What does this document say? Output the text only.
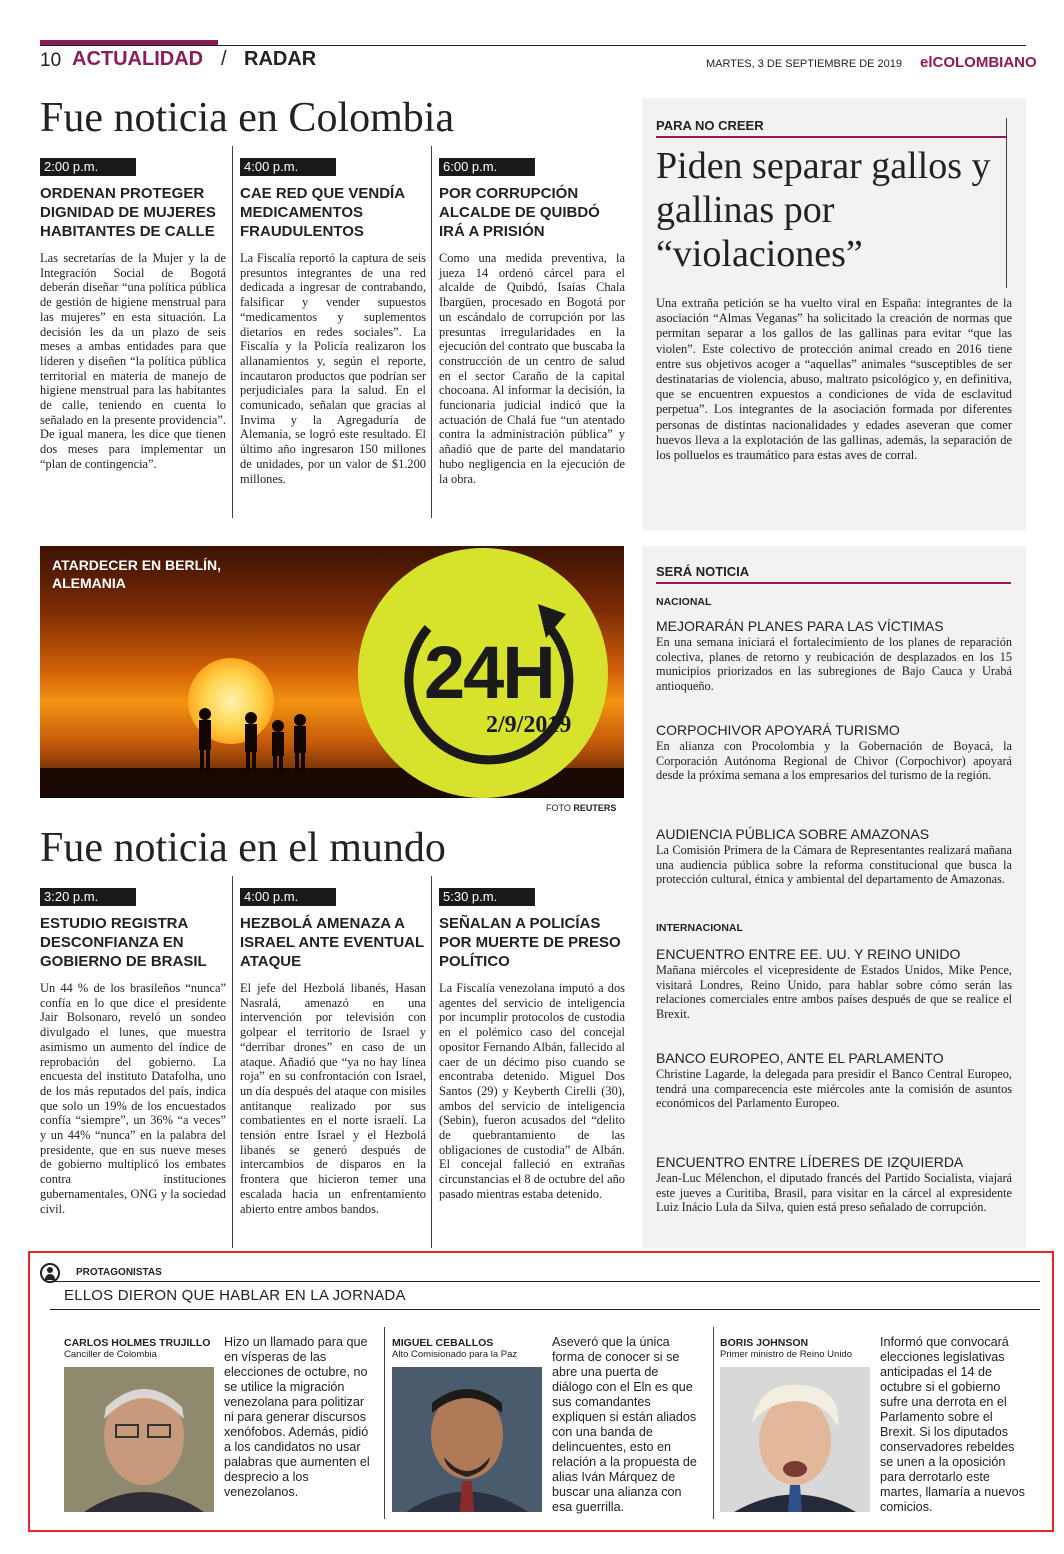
10 ACTUALIDAD / RADAR	MARTES, 3 DE SEPTIEMBRE DE 2019 elCOLOMBIANO
Fue noticia en Colombia
2:00 p.m.
ORDENAN PROTEGER DIGNIDAD DE MUJERES HABITANTES DE CALLE
Las secretarías de la Mujer y la de Integración Social de Bogotá deberán diseñar “una política pública de gestión de higiene menstrual para las mujeres” en esta situación. La decisión les da un plazo de seis meses a ambas entidades para que lideren y diseñen “la política pública territorial en materia de manejo de higiene menstrual para las habitantes de calle, teniendo en cuenta lo señalado en la presente providencia”. De igual manera, les dice que tienen dos meses para implementar un “plan de contingencia”.
4:00 p.m.
CAE RED QUE VENDÍA MEDICAMENTOS FRAUDULENTOS
La Fiscalía reportó la captura de seis presuntos integrantes de una red dedicada a ingresar de contrabando, falsificar y vender supuestos “medicamentos y suplementos dietarios en redes sociales”. La Fiscalía y la Policía realizaron los allanamientos y, según el reporte, incautaron productos que podrían ser perjudiciales para la salud. En el comunicado, señalan que gracias al Invima y la Agregaduría de Alemania, se logró este resultado. El último año ingresaron 150 millones de unidades, por un valor de $1.200 millones.
6:00 p.m.
POR CORRUPCIÓN ALCALDE DE QUIBDÓ IRÁ A PRISIÓN
Como una medida preventiva, la jueza 14 ordenó cárcel para el alcalde de Quibdó, Isaías Chala Ibargüen, procesado en Bogotá por un escándalo de corrupción por las presuntas irregularidades en la ejecución del contrato que buscaba la construcción de un centro de salud en el sector Caraño de la capital chocoana. Al informar la decisión, la funcionaria judicial indicó que la actuación de Chalá fue “un atentado contra la administración pública” y añadió que de parte del mandatario hubo negligencia en la ejecución de la obra.
PARA NO CREER
Piden separar gallos y gallinas por “violaciones”
Una extraña petición se ha vuelto viral en España: integrantes de la asociación “Almas Veganas” ha solicitado la creación de normas que permitan separar a los gallos de las gallinas para evitar “que las violen”. Este colectivo de protección animal creado en 2016 tiene entre sus objetivos acoger a “aquellas” animales “susceptibles de ser destinatarias de violencia, abuso, maltrato psicológico y, en definitiva, que se encuentren expuestos a condiciones de vida de esclavitud perpetua”. Los integrantes de la asociación formada por diferentes personas de distintas nacionalidades y edades aseveran que comer huevos lleva a la explotación de las gallinas, además, la separación de los polluelos es traumático para estas aves de corral.
ATARDECER EN BERLÍN, ALEMANIA
24H
2/9/2019
FOTO REUTERS
SERÁ NOTICIA
NACIONAL
MEJORARÁN PLANES PARA LAS VÍCTIMAS
En una semana iniciará el fortalecimiento de los planes de reparación colectiva, planes de retorno y reubicación de desplazados en los 15 municipios priorizados en las subregiones de Bajo Cauca y Urabá antioqueño.
CORPOCHIVOR APOYARÁ TURISMO
En alianza con Procolombia y la Gobernación de Boyacá, la Corporación Autónoma Regional de Chivor (Corpochivor) apoyará desde la próxima semana a los empresarios del turismo de la región.
AUDIENCIA PÚBLICA SOBRE AMAZONAS
La Comisión Primera de la Cámara de Representantes realizará mañana una audiencia pública sobre la reforma constitucional que busca la protección cultural, étnica y ambiental del departamento de Amazonas.
INTERNACIONAL
ENCUENTRO ENTRE EE. UU. Y REINO UNIDO
Mañana miércoles el vicepresidente de Estados Unidos, Mike Pence, visitará Londres, Reino Unido, para hablar sobre cómo serán las relaciones comerciales entre ambos países después de que se realice el Brexit.
BANCO EUROPEO, ANTE EL PARLAMENTO
Christine Lagarde, la delegada para presidir el Banco Central Europeo, tendrá una comparecencia este miércoles ante la comisión de asuntos económicos del Parlamento Europeo.
ENCUENTRO ENTRE LÍDERES DE IZQUIERDA
Jean-Luc Mélenchon, el diputado francés del Partido Socialista, viajará este jueves a Curitiba, Brasil, para visitar en la cárcel al expresidente Luiz Inácio Lula da Silva, quien está preso señalado de corrupción.
Fue noticia en el mundo
3:20 p.m.
ESTUDIO REGISTRA DESCONFIANZA EN GOBIERNO DE BRASIL
Un 44 % de los brasileños “nunca” confía en lo que dice el presidente Jair Bolsonaro, reveló un sondeo divulgado el lunes, que muestra asimismo un aumento del índice de reprobación del gobierno. La encuesta del instituto Datafolha, uno de los más reputados del país, indica que solo un 19% de los encuestados confía “siempre”, un 36% “a veces” y un 44% “nunca” en la palabra del presidente, que en sus nueve meses de gobierno multiplicó los embates contra instituciones gubernamentales, ONG y la sociedad civil.
4:00 p.m.
HEZBOLÁ AMENAZA A ISRAEL ANTE EVENTUAL ATAQUE
El jefe del Hezbolá libanés, Hasan Nasralá, amenazó en una intervención por televisión con golpear el territorio de Israel y “derribar drones” en caso de un ataque. Añadió que “ya no hay línea roja” en su confrontación con Israel, un día después del ataque con misiles antitanque realizado por sus combatientes en el norte israelí. La tensión entre Israel y el Hezbolá libanés se generó después de intercambios de disparos en la frontera que hicieron temer una escalada hacia un enfrentamiento abierto entre ambos bandos.
5:30 p.m.
SEÑALAN A POLICÍAS POR MUERTE DE PRESO POLÍTICO
La Fiscalía venezolana imputó a dos agentes del servicio de inteligencia por incumplir protocolos de custodia en el polémico caso del concejal opositor Fernando Albán, fallecido al caer de un décimo piso cuando se encontraba detenido. Miguel Dos Santos (29) y Keyberth Cirelli (30), ambos del servicio de inteligencia (Sebin), fueron acusados del “delito de quebrantamiento de las obligaciones de custodia” de Albán. El concejal falleció en extrañas circunstancias el 8 de octubre del año pasado mientras estaba detenido.
PROTAGONISTAS
ELLOS DIERON QUE HABLAR EN LA JORNADA
CARLOS HOLMES TRUJILLO
Canciller de Colombia
Hizo un llamado para que en vísperas de las elecciones de octubre, no se utilice la migración venezolana para politizar ni para generar discursos xenófobos. Además, pidió a los candidatos no usar palabras que aumenten el desprecio a los venezolanos.
MIGUEL CEBALLOS
Alto Comisionado para la Paz
Aseveró que la única forma de conocer si se abre una puerta de diálogo con el Eln es que sus comandantes expliquen si están aliados con una banda de delincuentes, esto en relación a la propuesta de alias Iván Márquez de buscar una alianza con esa guerrilla.
BORIS JOHNSON
Primer ministro de Reino Unido
Informó que convocará elecciones legislativas anticipadas el 14 de octubre si el gobierno sufre una derrota en el Parlamento sobre el Brexit. Si los diputados conservadores rebeldes se unen a la oposición para derrotarlo este martes, llamaría a nuevos comicios.
